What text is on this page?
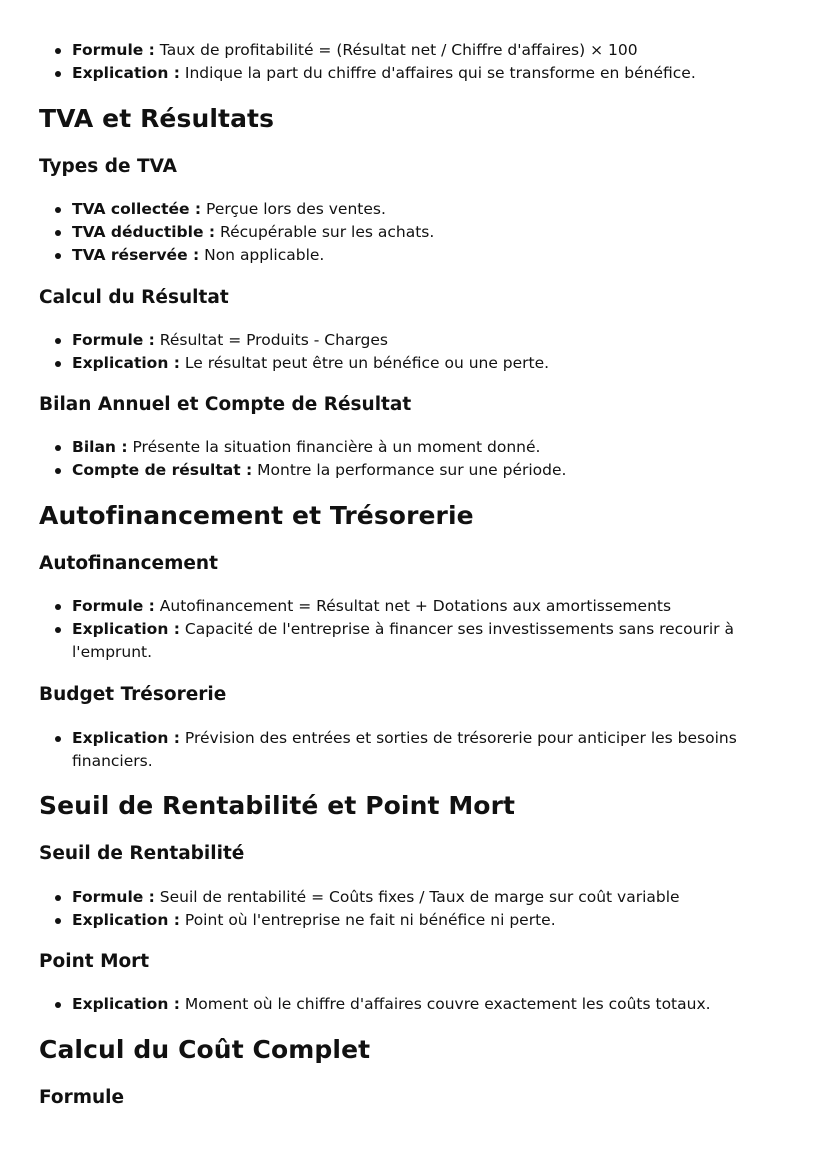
Formule : Taux de profitabilité = (Résultat net / Chiffre d'affaires) × 100
Explication : Indique la part du chiffre d'affaires qui se transforme en bénéfice.
TVA et Résultats
Types de TVA
TVA collectée : Perçue lors des ventes.
TVA déductible : Récupérable sur les achats.
TVA réservée : Non applicable.
Calcul du Résultat
Formule : Résultat = Produits - Charges
Explication : Le résultat peut être un bénéfice ou une perte.
Bilan Annuel et Compte de Résultat
Bilan : Présente la situation financière à un moment donné.
Compte de résultat : Montre la performance sur une période.
Autofinancement et Trésorerie
Autofinancement
Formule : Autofinancement = Résultat net + Dotations aux amortissements
Explication : Capacité de l'entreprise à financer ses investissements sans recourir à l'emprunt.
Budget Trésorerie
Explication : Prévision des entrées et sorties de trésorerie pour anticiper les besoins financiers.
Seuil de Rentabilité et Point Mort
Seuil de Rentabilité
Formule : Seuil de rentabilité = Coûts fixes / Taux de marge sur coût variable
Explication : Point où l'entreprise ne fait ni bénéfice ni perte.
Point Mort
Explication : Moment où le chiffre d'affaires couvre exactement les coûts totaux.
Calcul du Coût Complet
Formule
